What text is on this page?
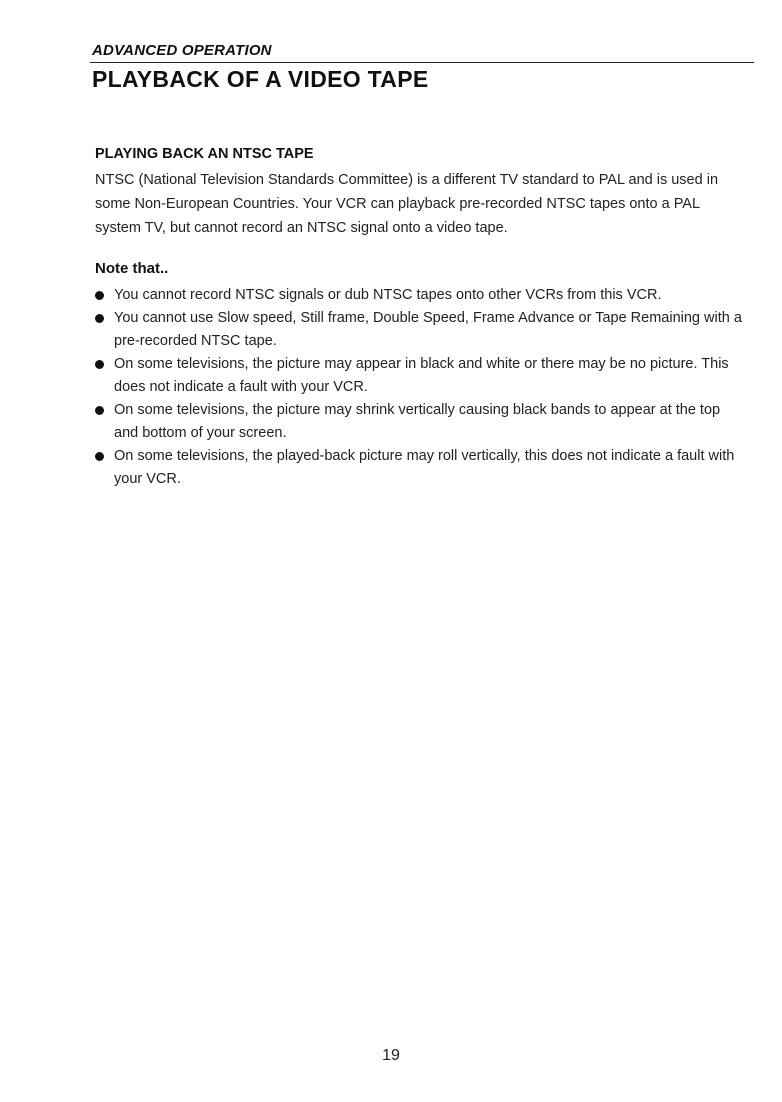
ADVANCED OPERATION
PLAYBACK OF A VIDEO TAPE
PLAYING BACK AN NTSC TAPE

NTSC (National Television Standards Committee) is a different TV standard to PAL and is used in some Non-European Countries. Your VCR can playback pre-recorded NTSC tapes onto a PAL system TV, but cannot record an NTSC signal onto a video tape.

Note that..
You cannot record NTSC signals or dub NTSC tapes onto other VCRs from this VCR.
You cannot use Slow speed, Still frame, Double Speed, Frame Advance or Tape Remaining with a pre-recorded NTSC tape.
On some televisions, the picture may appear in black and white or there may be no picture. This does not indicate a fault with your VCR.
On some televisions, the picture may shrink vertically causing black bands to appear at the top and bottom of your screen.
On some televisions, the played-back picture may roll vertically, this does not indicate a fault with your VCR.
19
